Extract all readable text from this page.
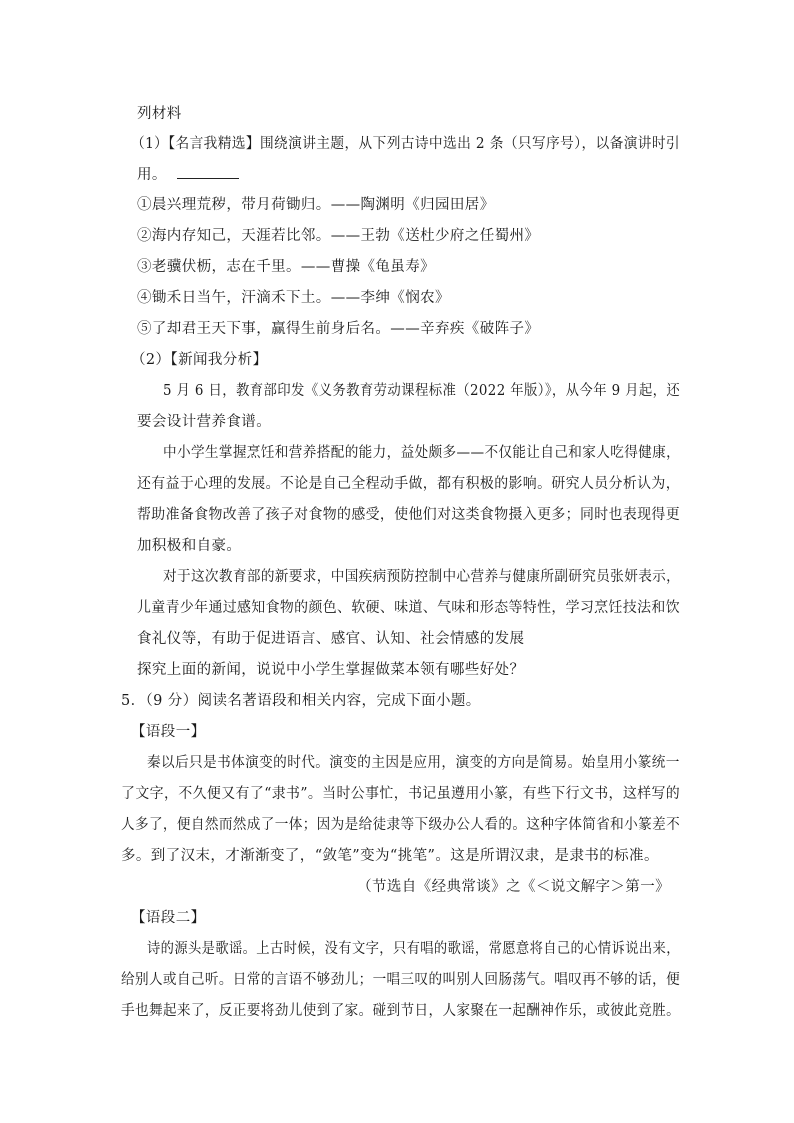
列材料
（1）【名言我精选】围绕演讲主题，从下列古诗中选出 2 条（只写序号），以备演讲时引
用。
①晨兴理荒秽，带月荷锄归。——陶渊明《归园田居》
②海内存知己，天涯若比邻。——王勃《送杜少府之任蜀州》
③老骥伏枥，志在千里。——曹操《龟虽寿》
④锄禾日当午，汗滴禾下土。——李绅《悯农》
⑤了却君王天下事，赢得生前身后名。——辛弃疾《破阵子》
（2）【新闻我分析】
5 月 6 日，教育部印发《义务教育劳动课程标准（2022 年版）》，从今年 9 月起，还
要会设计营养食谱。
中小学生掌握烹饪和营养搭配的能力，益处颇多——不仅能让自己和家人吃得健康，
还有益于心理的发展。不论是自己全程动手做，都有积极的影响。研究人员分析认为，
帮助准备食物改善了孩子对食物的感受，使他们对这类食物摄入更多；同时也表现得更
加积极和自豪。
对于这次教育部的新要求，中国疾病预防控制中心营养与健康所副研究员张妍表示，
儿童青少年通过感知食物的颜色、软硬、味道、气味和形态等特性，学习烹饪技法和饮
食礼仪等，有助于促进语言、感官、认知、社会情感的发展
探究上面的新闻，说说中小学生掌握做菜本领有哪些好处？
5．（9 分）阅读名著语段和相关内容，完成下面小题。
【语段一】
秦以后只是书体演变的时代。演变的主因是应用，演变的方向是简易。始皇用小篆统一
了文字，不久便又有了“隶书”。当时公事忙，书记虽遵用小篆，有些下行文书，这样写的
人多了，便自然而然成了一体；因为是给徒隶等下级办公人看的。这种字体简省和小篆差不
多。到了汉末，才渐渐变了，“敛笔”变为“挑笔”。这是所谓汉隶，是隶书的标准。
（节选自《经典常谈》之《＜说文解字＞第一》
【语段二】
诗的源头是歌谣。上古时候，没有文字，只有唱的歌谣，常愿意将自己的心情诉说出来，
给别人或自己听。日常的言语不够劲儿；一唱三叹的叫别人回肠荡气。唱叹再不够的话，便
手也舞起来了，反正要将劲儿使到了家。碰到节日，人家聚在一起酬神作乐，或彼此竞胜。
